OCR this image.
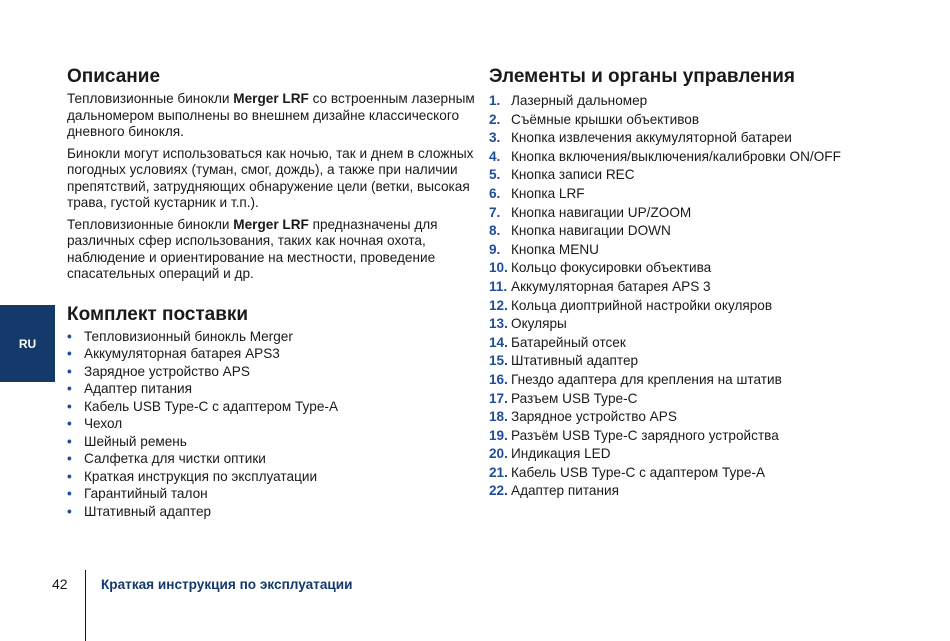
Описание

Тепловизионные бинокли Merger LRF со встроенным лазерным дальномером выполнены во внешнем дизайне классического дневного бинокля.

Бинокли могут использоваться как ночью, так и днем в сложных погодных условиях (туман, смог, дождь), а также при наличии препятствий, затрудняющих обнаружение цели (ветки, высокая трава, густой кустарник и т.п.).

Тепловизионные бинокли Merger LRF предназначены для различных сфер использования, таких как ночная охота, наблюдение и ориентирование на местности, проведение спасательных операций и др.

Комплект поставки
• Тепловизионный бинокль Merger
• Аккумуляторная батарея APS3
• Зарядное устройство APS
• Адаптер питания
• Кабель USB Type-C с адаптером Type-A
• Чехол
• Шейный ремень
• Салфетка для чистки оптики
• Краткая инструкция по эксплуатации
• Гарантийный талон
• Штативный адаптер
Элементы и органы управления
1. Лазерный дальномер
2. Съёмные крышки объективов
3. Кнопка извлечения аккумуляторной батареи
4. Кнопка включения/выключения/калибровки ON/OFF
5. Кнопка записи REC
6. Кнопка LRF
7. Кнопка навигации UP/ZOOM
8. Кнопка навигации DOWN
9. Кнопка MENU
10. Кольцо фокусировки объектива
11. Аккумуляторная батарея APS 3
12. Кольца диоптрийной настройки окуляров
13. Окуляры
14. Батарейный отсек
15. Штативный адаптер
16. Гнездо адаптера для крепления на штатив
17. Разъем USB Type-C
18. Зарядное устройство APS
19. Разъём USB Type-C зарядного устройства
20. Индикация LED
21. Кабель USB Type-C с адаптером Type-A
22. Адаптер питания
RU
42 Краткая инструкция по эксплуатации
